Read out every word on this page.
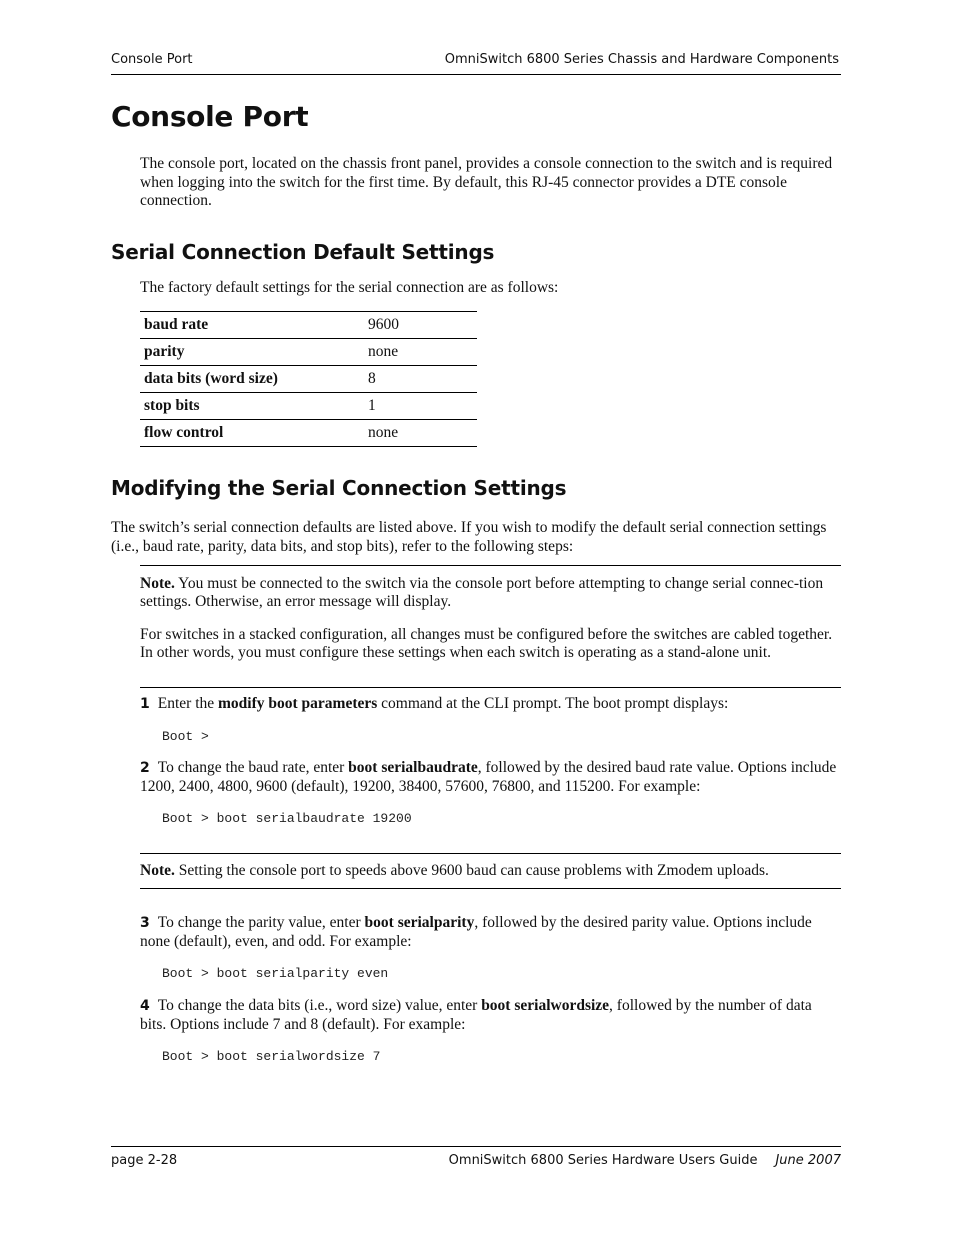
Console Port	OmniSwitch 6800 Series Chassis and Hardware Components
Console Port

The console port, located on the chassis front panel, provides a console connection to the switch and is required when logging into the switch for the first time. By default, this RJ-45 connector provides a DTE console connection.

Serial Connection Default Settings

The factory default settings for the serial connection are as follows:

baud rate	9600
parity	none
data bits (word size)	8
stop bits	1
flow control	none
Modifying the Serial Connection Settings

The switch’s serial connection defaults are listed above. If you wish to modify the default serial connection settings (i.e., baud rate, parity, data bits, and stop bits), refer to the following steps:

Note. You must be connected to the switch via the console port before attempting to change serial connec-tion settings. Otherwise, an error message will display.

For switches in a stacked configuration, all changes must be configured before the switches are cabled together. In other words, you must configure these settings when each switch is operating as a stand-alone unit.

1 Enter the modify boot parameters command at the CLI prompt. The boot prompt displays:

Boot >

2 To change the baud rate, enter boot serialbaudrate, followed by the desired baud rate value. Options include 1200, 2400, 4800, 9600 (default), 19200, 38400, 57600, 76800, and 115200. For example:

Boot > boot serialbaudrate 19200

Note. Setting the console port to speeds above 9600 baud can cause problems with Zmodem uploads.

3 To change the parity value, enter boot serialparity, followed by the desired parity value. Options include none (default), even, and odd. For example:

Boot > boot serialparity even

4 To change the data bits (i.e., word size) value, enter boot serialwordsize, followed by the number of data bits. Options include 7 and 8 (default). For example:

Boot > boot serialwordsize 7
page 2-28	OmniSwitch 6800 Series Hardware Users Guide June 2007
